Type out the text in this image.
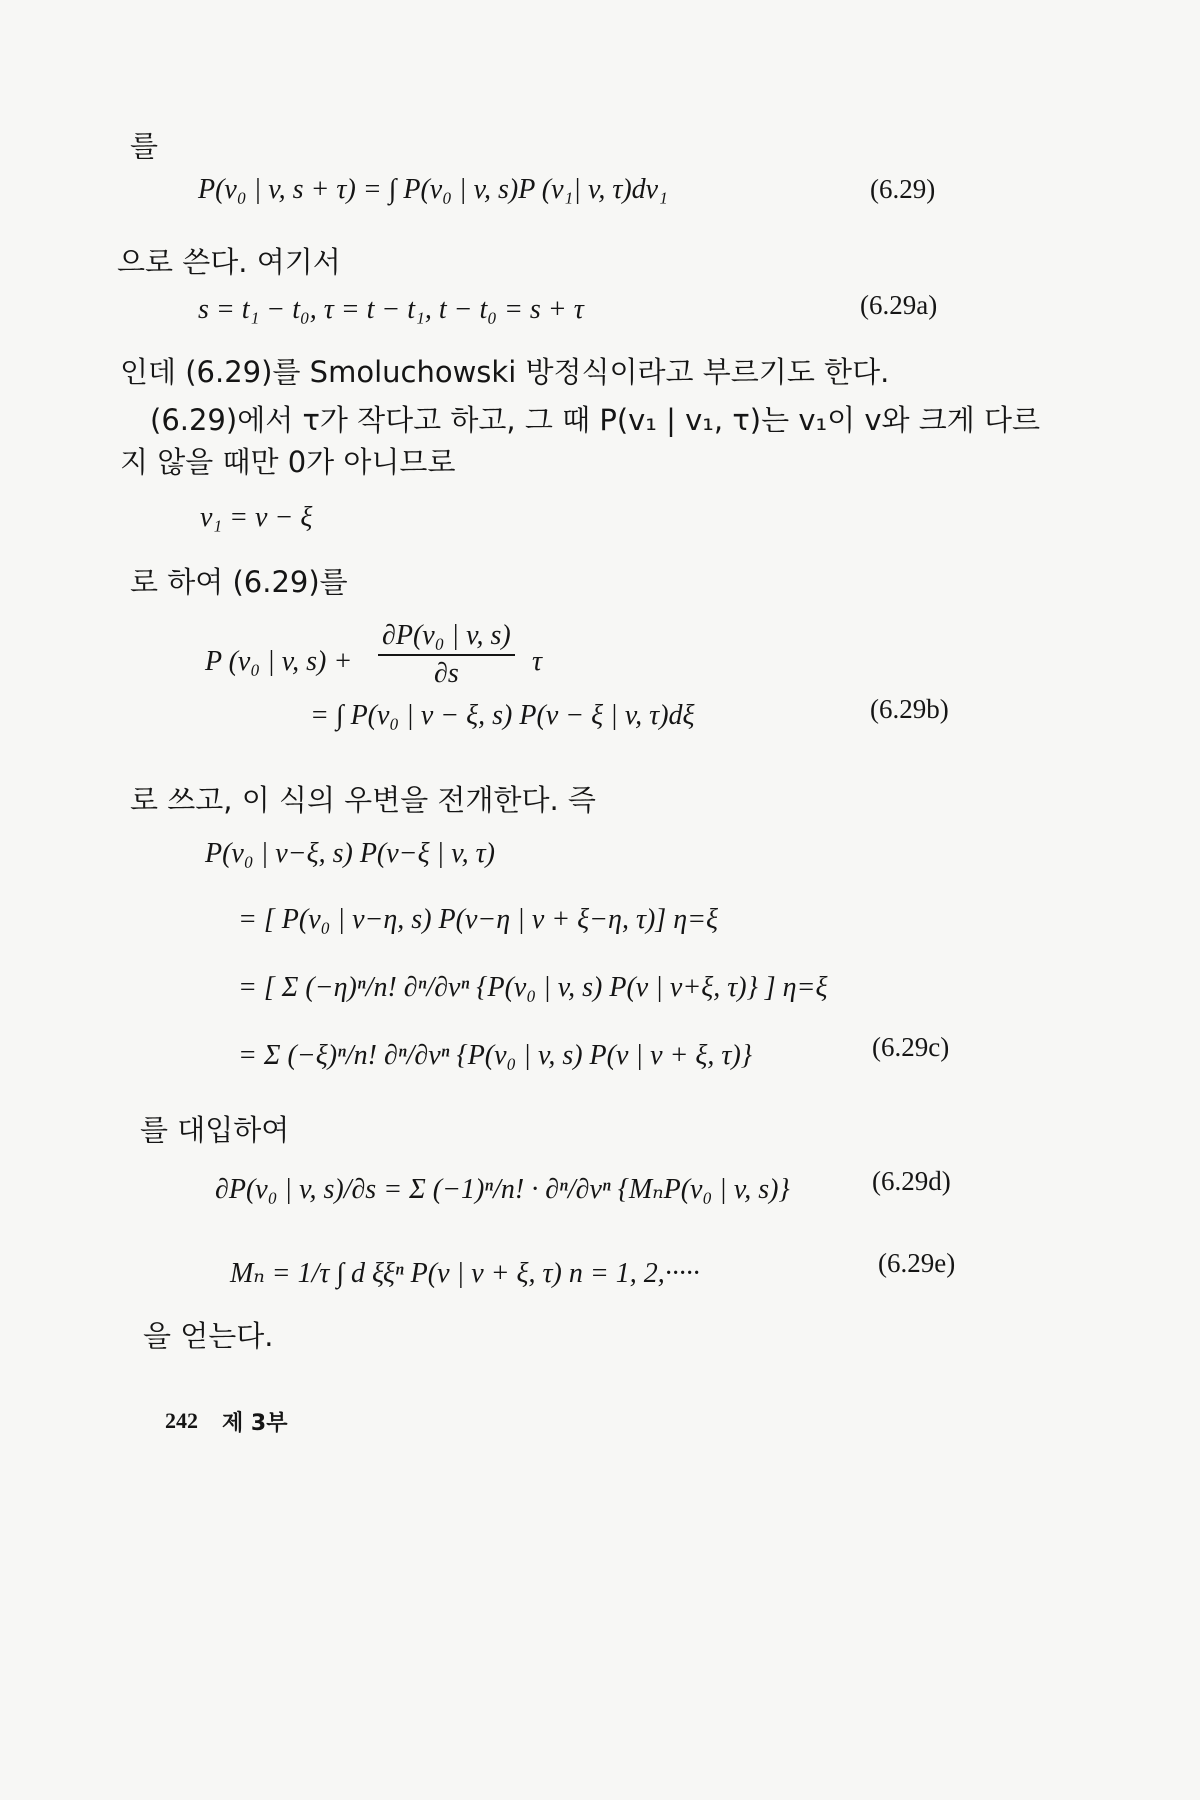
를
P(v₀ | v, s + τ) = ∫ P(v₀ | v, s)P (v₁| v, τ)dv₁	(6.29)
으로 쓴다. 여기서
s = t₁ − t₀, τ = t − t₁, t − t₀ = s + τ	(6.29a)
인데 (6.29)를 Smoluchowski 방정식이라고 부르기도 한다.
(6.29)에서 τ가 작다고 하고, 그 때 P(v₁ | v₁, τ)는 v₁이 v와 크게 다르
지 않을 때만 0가 아니므로
v₁ = v − ξ
로 하여 (6.29)를
P (v₀ | v, $s) + \frac{\text{∂P(v₀ | v, s)}}{\partial s}$ τ
= ∫ P(v₀ | v − ξ, s) P(v − ξ | v, τ)dξ	(6.29b)
로 쓰고, 이 식의 우변을 전개한다. 즉
P(v₀ | v−ξ, s) P(v−ξ | v, τ)
= [ P(v₀ | v−η, s) P(v−η | v + ξ−η, τ)] η=ξ
= [ Σ (−η)ⁿ/n! ∂ⁿ/∂vⁿ {P(v₀ | v, s) P(v | v+ξ, τ)} ] η=ξ
= Σ (−ξ)ⁿ/n! ∂ⁿ/∂vⁿ {P(v₀ | v, s) P(v | v + ξ, τ)}	(6.29c)
를 대입하여
∂P(v₀ | v, s)/∂s = Σ (−1)ⁿ/n! · ∂ⁿ/∂vⁿ {MₙP(v₀ | v, s)}	(6.29d)
Mₙ = 1/τ ∫ d ξξⁿ P(v | v + ξ, τ) n = 1, 2,·····	(6.29e)
을 얻는다.
242 제 3부
